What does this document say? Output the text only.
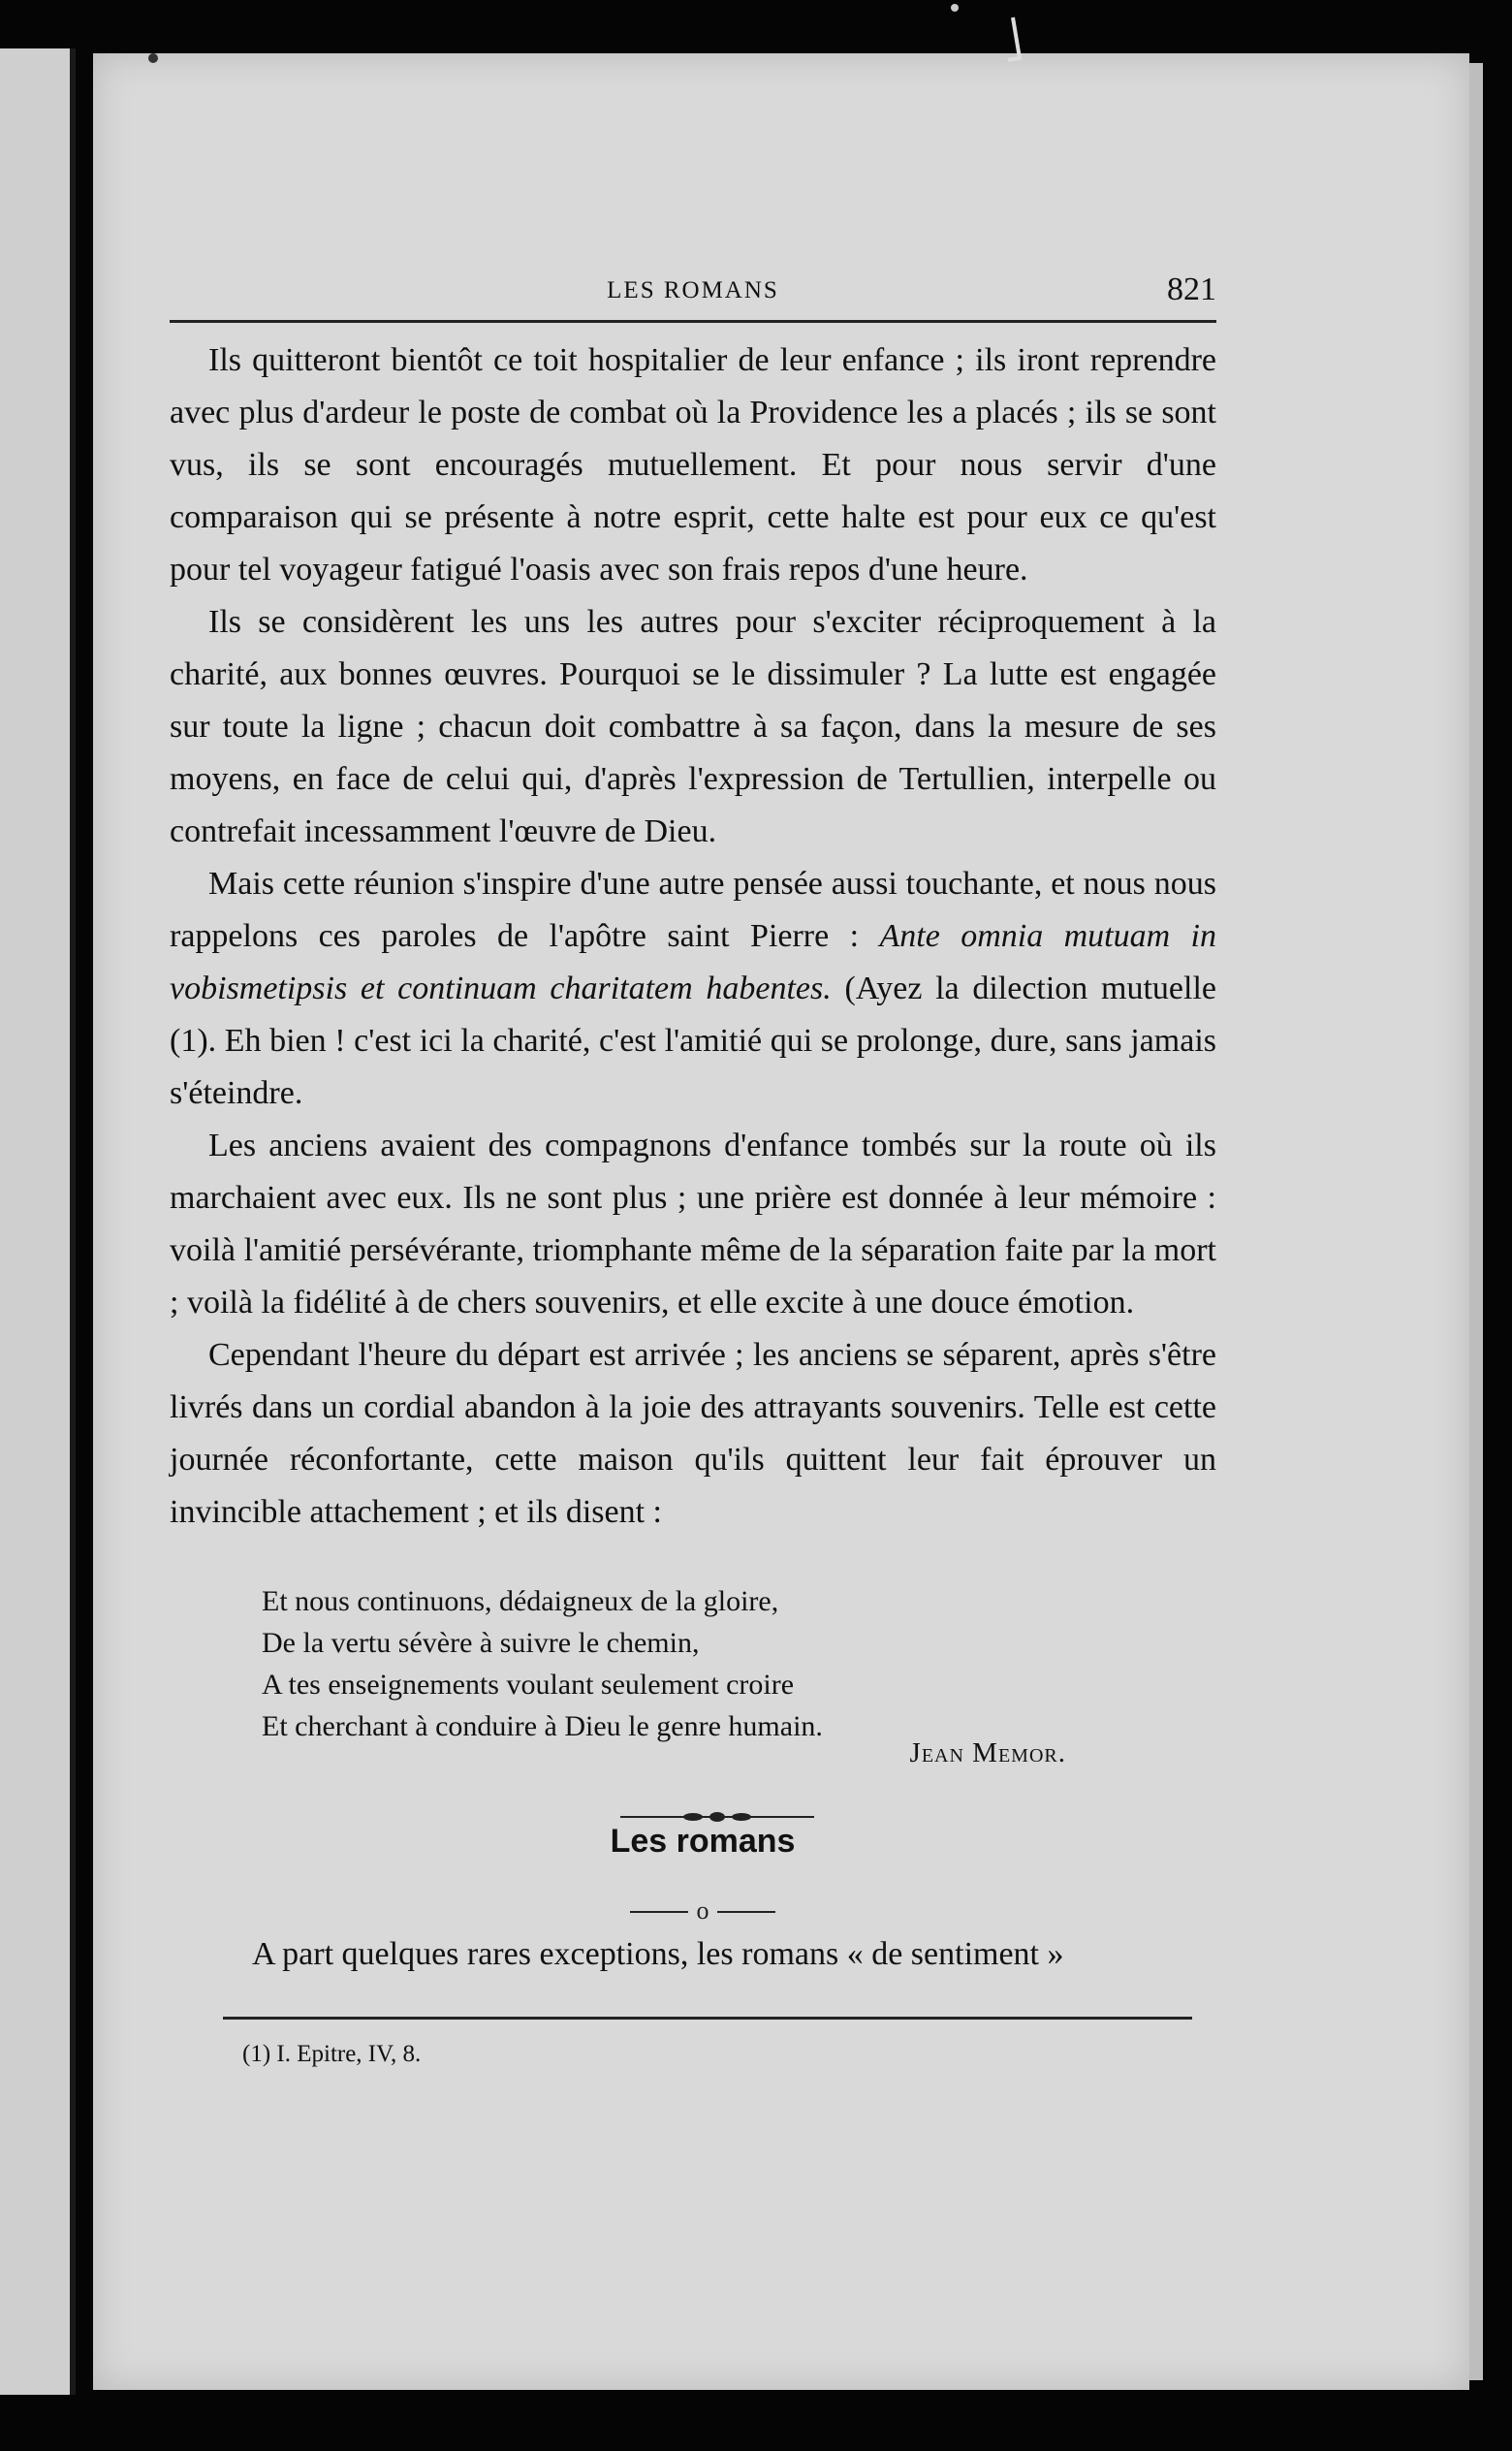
LES ROMANS	821

Ils quitteront bientôt ce toit hospitalier de leur enfance ; ils iront reprendre avec plus d'ardeur le poste de combat où la Providence les a placés ; ils se sont vus, ils se sont encouragés mutuellement. Et pour nous servir d'une comparaison qui se présente à notre esprit, cette halte est pour eux ce qu'est pour tel voyageur fatigué l'oasis avec son frais repos d'une heure.

Ils se considèrent les uns les autres pour s'exciter réciproquement à la charité, aux bonnes œuvres. Pourquoi se le dissimuler ? La lutte est engagée sur toute la ligne ; chacun doit combattre à sa façon, dans la mesure de ses moyens, en face de celui qui, d'après l'expression de Tertullien, interpelle ou contrefait incessamment l'œuvre de Dieu.

Mais cette réunion s'inspire d'une autre pensée aussi touchante, et nous nous rappelons ces paroles de l'apôtre saint Pierre : Ante omnia mutuam in vobismetipsis et continuam charitatem habentes. (Ayez la dilection mutuelle (1). Eh bien ! c'est ici la charité, c'est l'amitié qui se prolonge, dure, sans jamais s'éteindre.

Les anciens avaient des compagnons d'enfance tombés sur la route où ils marchaient avec eux. Ils ne sont plus ; une prière est donnée à leur mémoire : voilà l'amitié persévérante, triomphante même de la séparation faite par la mort ; voilà la fidélité à de chers souvenirs, et elle excite à une douce émotion.

Cependant l'heure du départ est arrivée ; les anciens se séparent, après s'être livrés dans un cordial abandon à la joie des attrayants souvenirs. Telle est cette journée réconfortante, cette maison qu'ils quittent leur fait éprouver un invincible attachement ; et ils disent :

Et nous continuons, dédaigneux de la gloire,
De la vertu sévère à suivre le chemin,
A tes enseignements voulant seulement croire
Et cherchant à conduire à Dieu le genre humain.
Jean Memor.
Les romans
o
A part quelques rares exceptions, les romans « de sentiment »
(1) I. Epitre, IV, 8.
